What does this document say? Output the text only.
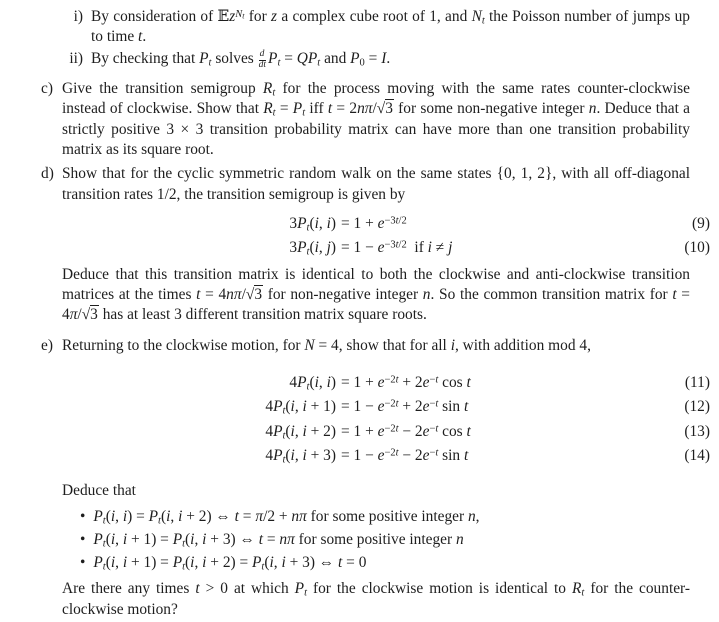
i) By consideration of 𝔼z$^{N_t}$ for z a complex cube root of 1, and $N_t$ the Poisson number of jumps up to time t.
ii) By checking that $P_t$ solves $\frac{d}{dt} P_t = QP_t$ and $P_0 = I$.
c) Give the transition semigroup $R_t$ for the process moving with the same rates counter-clockwise instead of clockwise. Show that $R_t = P_t$ iff t = 2nπ/√3 for some non-negative integer n. Deduce that a strictly positive 3 × 3 transition probability matrix can have more than one transition probability matrix as its square root.
d) Show that for the cyclic symmetric random walk on the same states {0, 1, 2}, with all off-diagonal transition rates 1/2, the transition semigroup is given by
$3P_t(i$, $i) = 1 + e^{-3t/2}$	(9)
$3P_t(i$, $j) = 1 - e^{-3t/2}$ if i ≠ j	(10)
Deduce that this transition matrix is identical to both the clockwise and anti-clockwise transition matrices at the times t = 4nπ/√3 for non-negative integer n. So the common transition matrix for t = 4π/√3 has at least 3 different transition matrix square roots.
e) Returning to the clockwise motion, for N = 4, show that for all i, with addition mod 4,
$4P_t(i$, $i) = 1 + e^{-2t} + 2e^{-t}$ cos t	(11)
$4P_t(i$, $i + 1) = 1 - e^{-2t} + 2e^{-t}$ sin t	(12)
$4P_t(i$, $i + 2) = 1 + e^{-2t} - 2e^{-t}$ cos t	(13)
$4P_t(i$, $i + 3) = 1 - e^{-2t} - 2e^{-t}$ sin t	(14)
Deduce that
• $P_t(i$, $i) = P_t(i$, i + 2) ⇔ t = π/2 + nπ for some positive integer n,
• $P_t(i$, $i + 1) = P_t(i$, i + 3) ⇔ t = nπ for some positive integer n
• $P_t(i$, $i + 1) = P_t(i$, $i + 2) = P_t(i$, i + 3) ⇔ t = 0
Are there any times t > 0 at which $P_t$ for the clockwise motion is identical to $R_t$ for the counter-clockwise motion?
